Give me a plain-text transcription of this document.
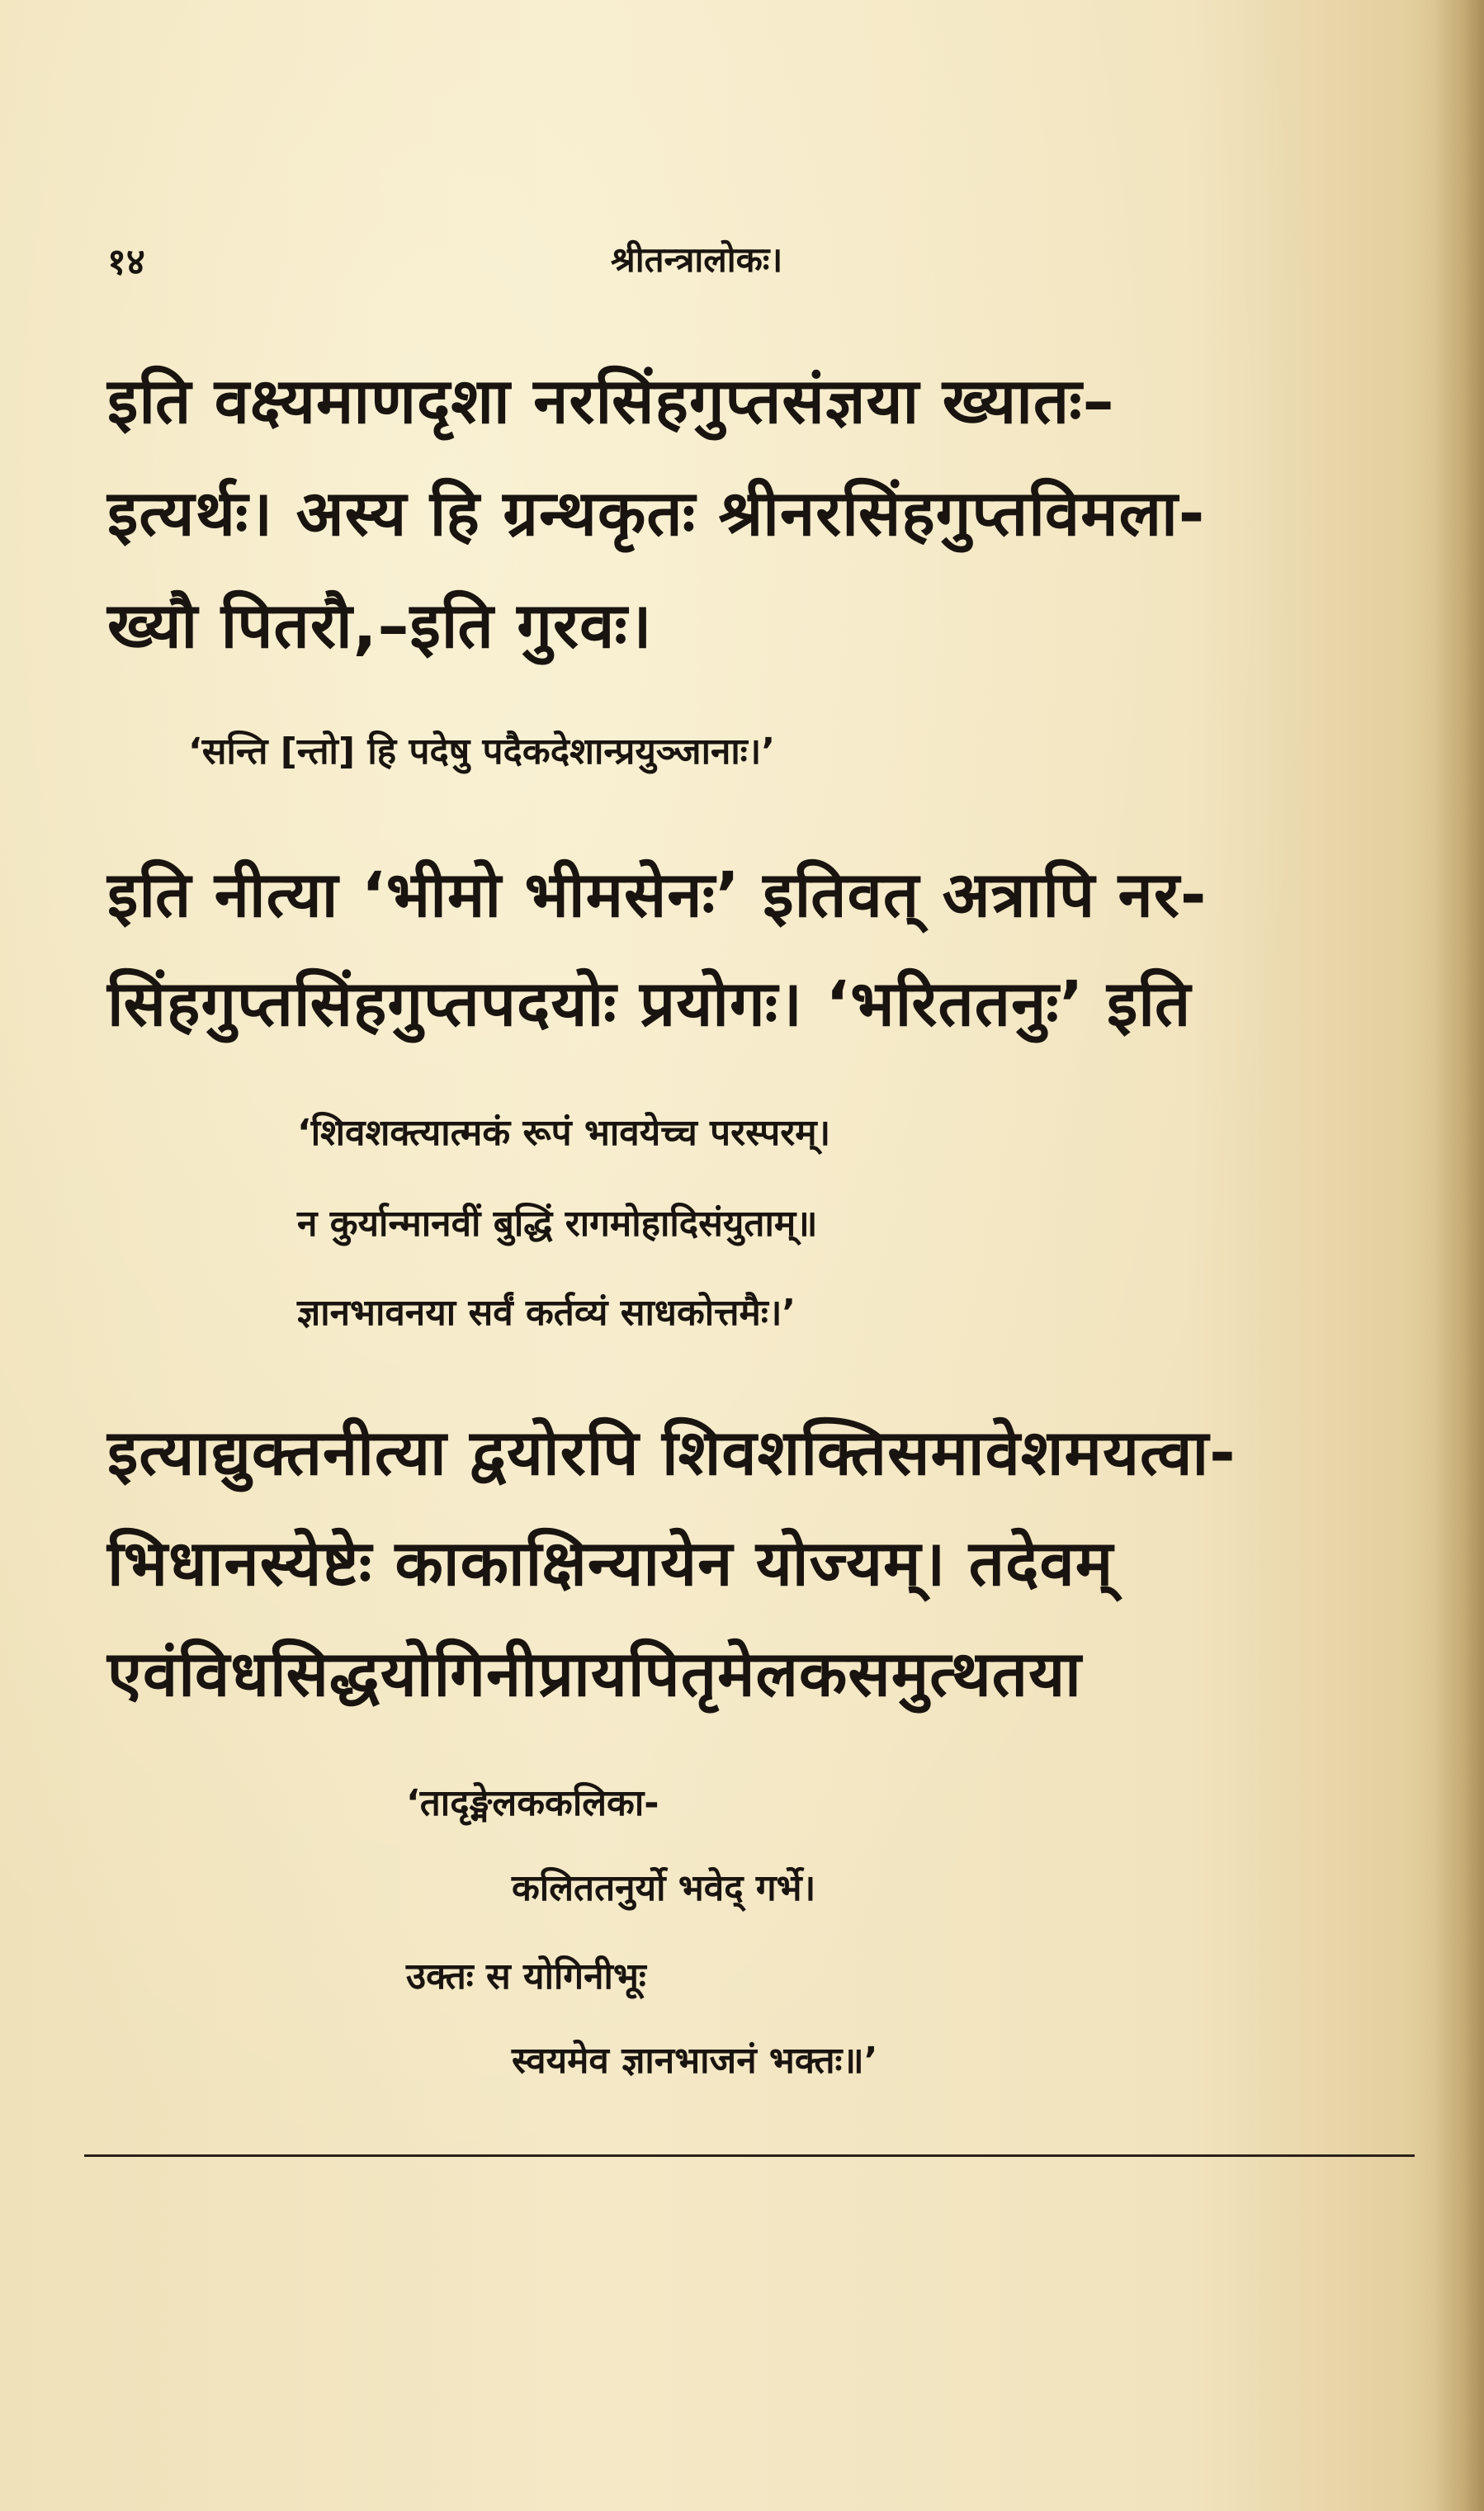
१४	श्रीतन्त्रालोकः।
इति वक्ष्यमाणदृशा नरसिंहगुप्तसंज्ञया ख्यातः–
इत्यर्थः। अस्य हि ग्रन्थकृतः श्रीनरसिंहगुप्तविमला-
ख्यौ पितरौ,–इति गुरवः।
‘सन्ति [न्तो] हि पदेषु पदैकदेशान्प्रयुञ्जानाः।’
इति नीत्या ‘भीमो भीमसेनः’ इतिवत् अत्रापि नर-
सिंहगुप्तसिंहगुप्तपदयोः प्रयोगः। ‘भरिततनुः’ इति
‘शिवशक्त्यात्मकं रूपं भावयेच्च परस्परम्।
न कुर्यान्मानवीं बुद्धिं रागमोहादिसंयुताम्॥
ज्ञानभावनया सर्वं कर्तव्यं साधकोत्तमैः।’
इत्याद्युक्तनीत्या द्वयोरपि शिवशक्तिसमावेशमयत्वा-
भिधानस्येष्टेः काकाक्षिन्यायेन योज्यम्। तदेवम्
एवंविधसिद्धयोगिनीप्रायपितृमेलकसमुत्थतया
‘तादृङ्मेलककलिका-
कलिततनुर्यो भवेद् गर्भे।
उक्तः स योगिनीभूः
स्वयमेव ज्ञानभाजनं भक्तः॥’
